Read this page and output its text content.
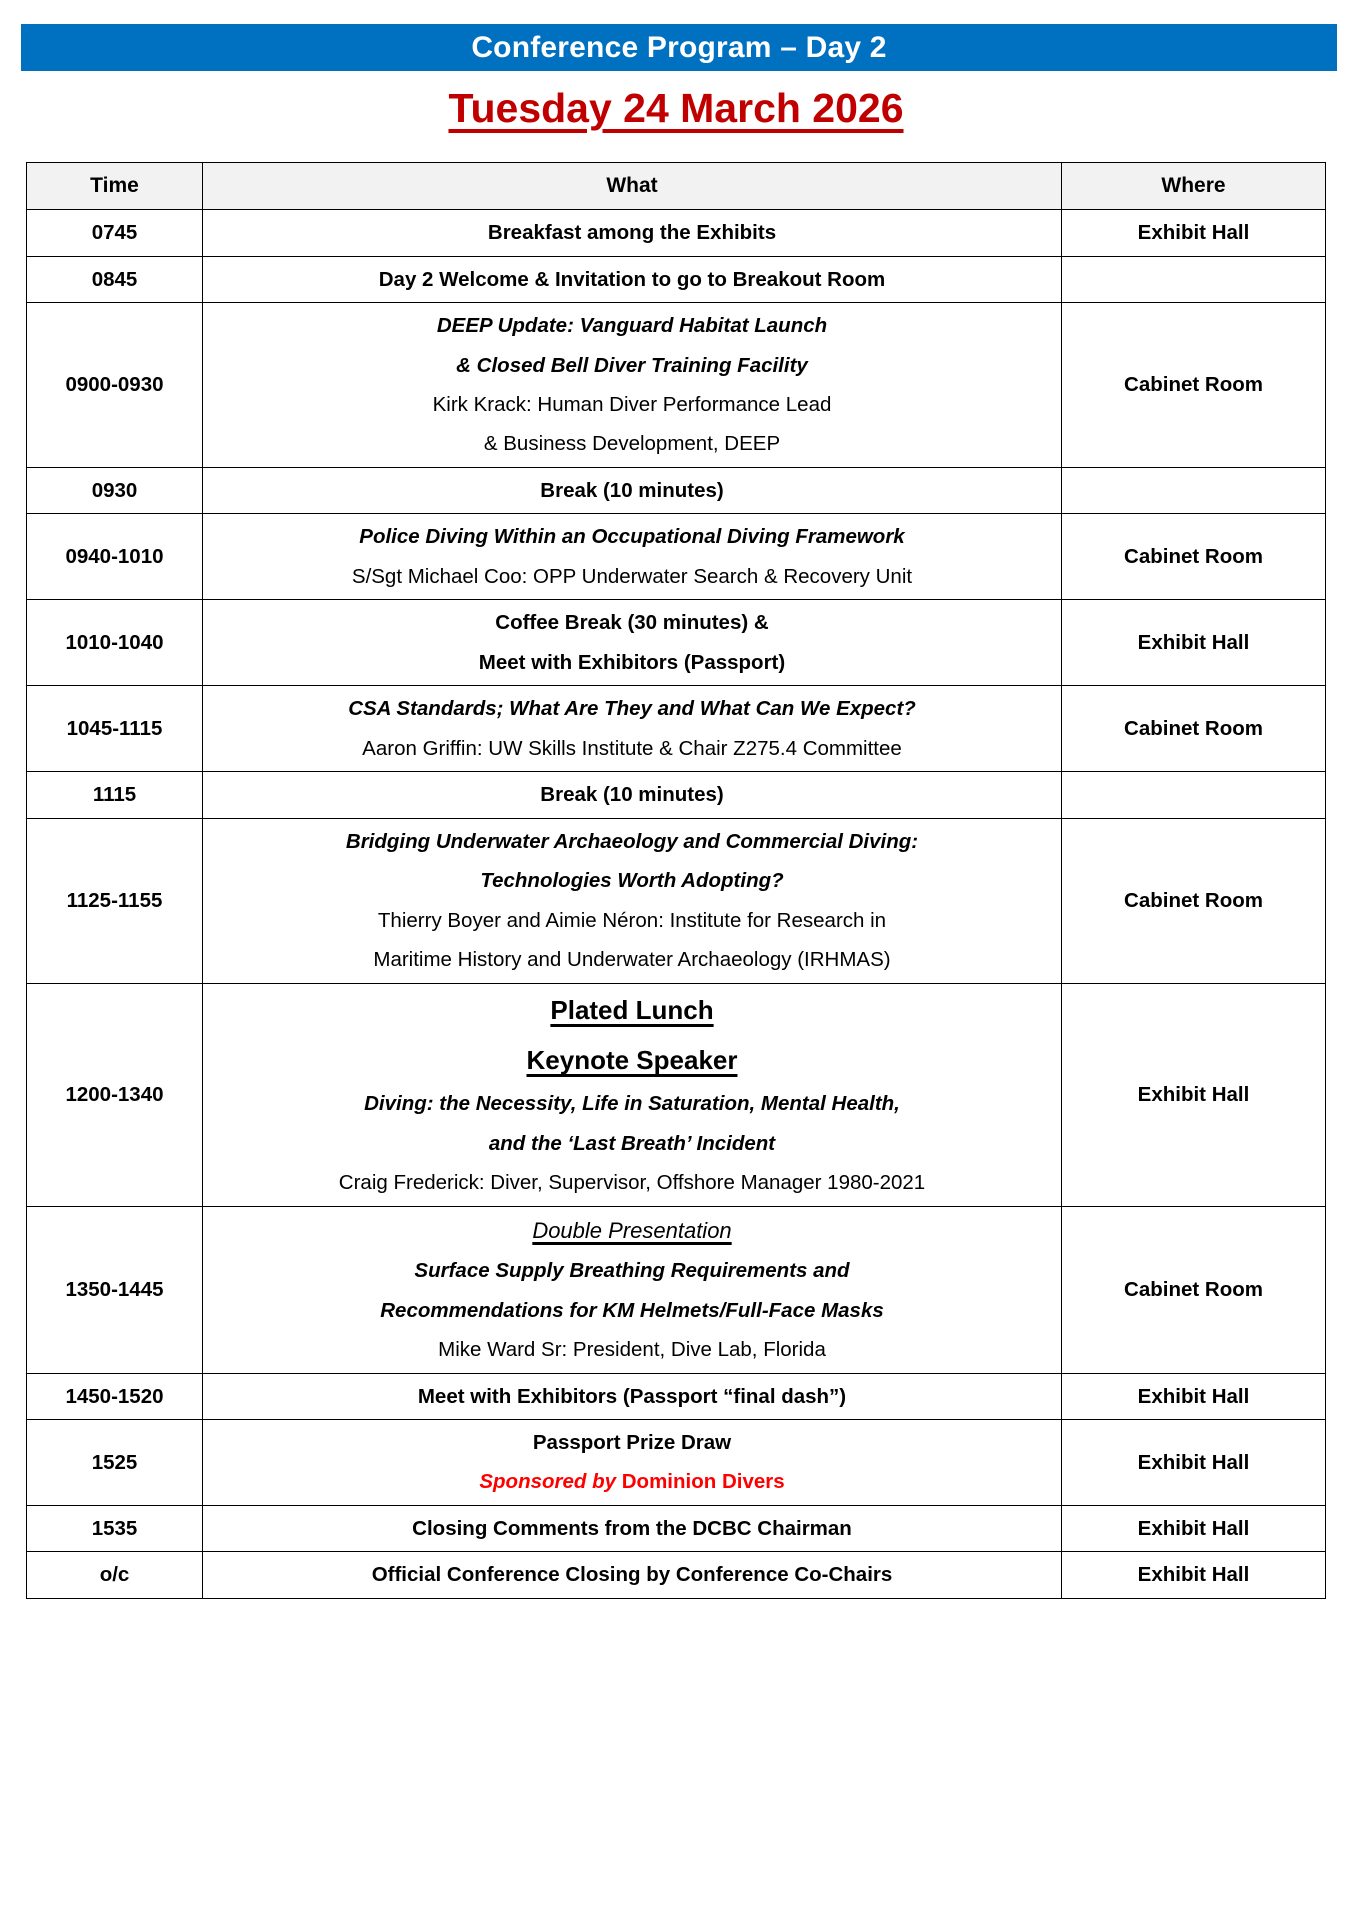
Conference Program – Day 2
Tuesday 24 March 2026
Time	What	Where
0745	Breakfast among the Exhibits	Exhibit Hall
0845	Day 2 Welcome & Invitation to go to Breakout Room	

0900-0930	DEEP Update: Vanguard Habitat Launch
& Closed Bell Diver Training Facility
Kirk Krack: Human Diver Performance Lead
& Business Development, DEEP	Cabinet Room
0930	Break (10 minutes)	

0940-1010	Police Diving Within an Occupational Diving Framework
S/Sgt Michael Coo: OPP Underwater Search & Recovery Unit	Cabinet Room
1010-1040	Coffee Break (30 minutes) &
Meet with Exhibitors (Passport)	Exhibit Hall
1045-1115	CSA Standards; What Are They and What Can We Expect?
Aaron Griffin: UW Skills Institute & Chair Z275.4 Committee	Cabinet Room
1115	Break (10 minutes)	

1125-1155	Bridging Underwater Archaeology and Commercial Diving:
Technologies Worth Adopting?
Thierry Boyer and Aimie Néron: Institute for Research in
Maritime History and Underwater Archaeology (IRHMAS)	Cabinet Room
1200-1340	Plated Lunch
Keynote Speaker
Diving: the Necessity, Life in Saturation, Mental Health,
and the ‘Last Breath’ Incident
Craig Frederick: Diver, Supervisor, Offshore Manager 1980-2021	Exhibit Hall
1350-1445	Double Presentation
Surface Supply Breathing Requirements and
Recommendations for KM Helmets/Full-Face Masks
Mike Ward Sr: President, Dive Lab, Florida	Cabinet Room
1450-1520	Meet with Exhibitors (Passport “final dash”)	Exhibit Hall
1525	Passport Prize Draw
Sponsored by Dominion Divers	Exhibit Hall
1535	Closing Comments from the DCBC Chairman	Exhibit Hall
o/c	Official Conference Closing by Conference Co-Chairs	Exhibit Hall
